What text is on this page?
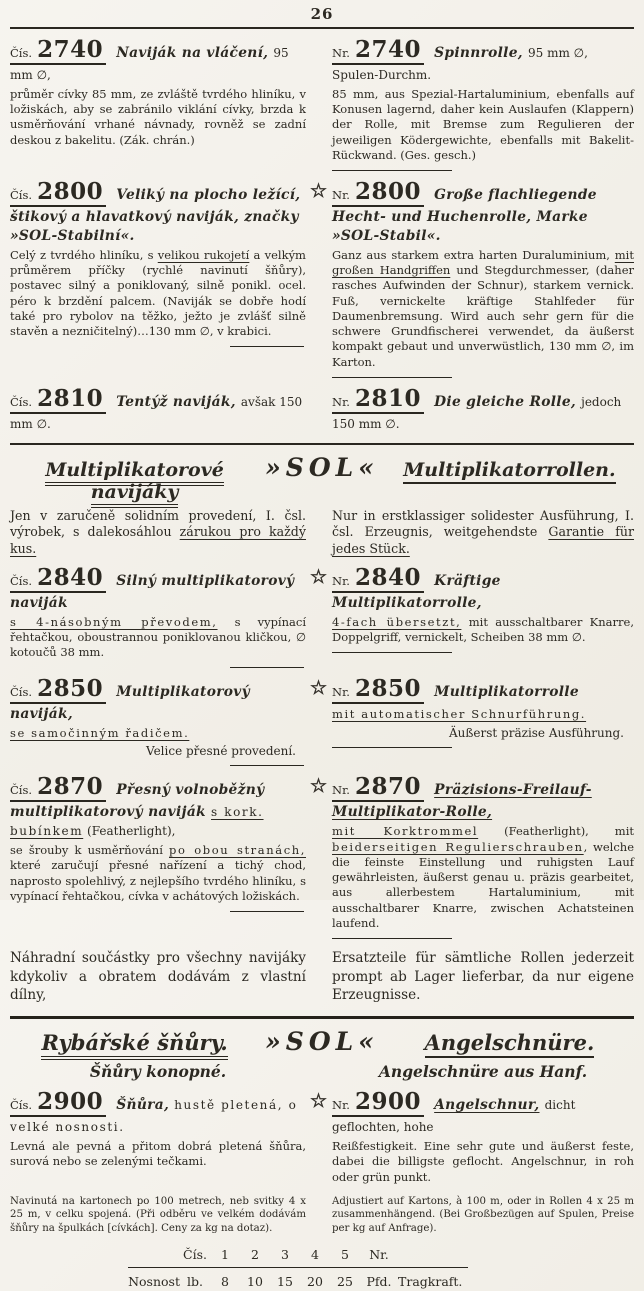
26

Čís. 2740 Naviják na vláčení, 95 mm ∅,

průměr cívky 85 mm, ze zvláště tvrdého hliníku, v ložiskách, aby se zabránilo viklání cívky, brzda k usměrňování vrhané návnady, rovněž se zadní deskou z bakelitu. (Zák. chrán.)

Nr. 2740 Spinnrolle, 95 mm ∅, Spulen-Durchm.

85 mm, aus Spezial-Hartaluminium, ebenfalls auf Konusen lagernd, daher kein Auslaufen (Klappern) der Rolle, mit Bremse zum Regulieren der jeweiligen Ködergewichte, ebenfalls mit Bakelit-Rückwand. (Ges. gesch.)

Čís. 2800 Veliký na plocho ležící, štikový a hlavatkový naviják, značky »SOL-Stabilní«.

Celý z tvrdého hliníku, s velikou rukojetí a velkým průměrem příčky (rychlé navinutí šňůry), postavec silný a poniklovaný, silně ponikl. ocel. péro k brzdění palcem. (Naviják se dobře hodí také pro rybolov na těžko, ježto je zvlášť silně stavěn a nezničitelný)…130 mm ∅, v krabici.

☆ Nr. 2800 Große flachliegende Hecht- und Huchenrolle, Marke »SOL-Stabil«.

Ganz aus starkem extra harten Duraluminium, mit großen Handgriffen und Stegdurchmesser, (daher rasches Aufwinden der Schnur), starkem vernick. Fuß, vernickelte kräftige Stahlfeder für Daumenbremsung. Wird auch sehr gern für die schwere Grundfischerei verwendet, da äußerst kompakt gebaut und unverwüstlich, 130 mm ∅, im Karton.

Čís. 2810 Tentýž naviják, avšak 150 mm ∅.

Nr. 2810 Die gleiche Rolle, jedoch 150 mm ∅.

Multiplikatorové navijáky
»SOL«	Multiplikatorrollen.

Jen v zaručeně solidním provedení, I. čsl. výrobek, s dalekosáhlou zárukou pro každý kus.

Nur in erstklassiger solidester Ausführung, I. čsl. Erzeugnis, weitgehendste Garantie für jedes Stück.

Čís. 2840 Silný multiplikatorový naviják

s 4-násobným převodem, s vypínací řehtačkou, oboustrannou poniklovanou kličkou, ∅ kotoučů 38 mm.

☆ Nr. 2840 Kräftige Multiplikatorrolle,

4-fach übersetzt, mit ausschaltbarer Knarre, Doppelgriff, vernickelt, Scheiben 38 mm ∅.

Čís. 2850 Multiplikatorový naviják,

se samočinným řadičem.

Velice přesné provedení.

☆ Nr. 2850 Multiplikatorrolle

mit automatischer Schnurführung.

Äußerst präzise Ausführung.

Čís. 2870 Přesný volnoběžný multiplikatorový naviják s kork. bubínkem (Featherlight),

se šrouby k usměrňování po obou stranách, které zaručují přesné nařízení a tichý chod, naprosto spolehlivý, z nejlepšího tvrdého hliníku, s vypínací řehtačkou, cívka v achátových ložiskách.

☆ Nr. 2870 Präzisions-Freilauf-Multiplikator-Rolle,

mit Korktrommel (Featherlight), mit beiderseitigen Regulierschrauben, welche die feinste Einstellung und ruhigsten Lauf gewährleisten, äußerst genau u. präzis gearbeitet, aus allerbestem Hartaluminium, mit ausschaltbarer Knarre, zwischen Achatsteinen laufend.

Náhradní součástky pro všechny navijáky kdykoliv a obratem dodávám z vlastní dílny,

Ersatzteile für sämtliche Rollen jederzeit prompt ab Lager lieferbar, da nur eigene Erzeugnisse.

Rybářské šňůry.	»SOL«	Angelschnüre.
Šňůry konopné.	Angelschnüre aus Hanf.

Čís. 2900 Šňůra, hustě pletená, o velké nosnosti.

Levná ale pevná a přitom dobrá pletená šňůra, surová nebo se zelenými tečkami.

☆ Nr. 2900 Angelschnur, dicht geflochten, hohe

Reißfestigkeit. Eine sehr gute und äußerst feste, dabei die billigste geflocht. Angelschnur, in roh oder grün punkt.

Navinutá na kartonech po 100 metrech, neb svitky 4 x 25 m, v celku spojená. (Při odběru ve velkém dodávám šňůry na špulkách [cívkách]. Ceny za kg na dotaz).

Adjustiert auf Kartons, à 100 m, oder in Rollen 4 x 25 m zusammenhängend. (Bei Großbezügen auf Spulen, Preise per kg auf Anfrage).

Čís.	1	2	3	4	5	Nr.
Nosnost lb.	8	10	15	20	25	Pfd. Tragkraft.
